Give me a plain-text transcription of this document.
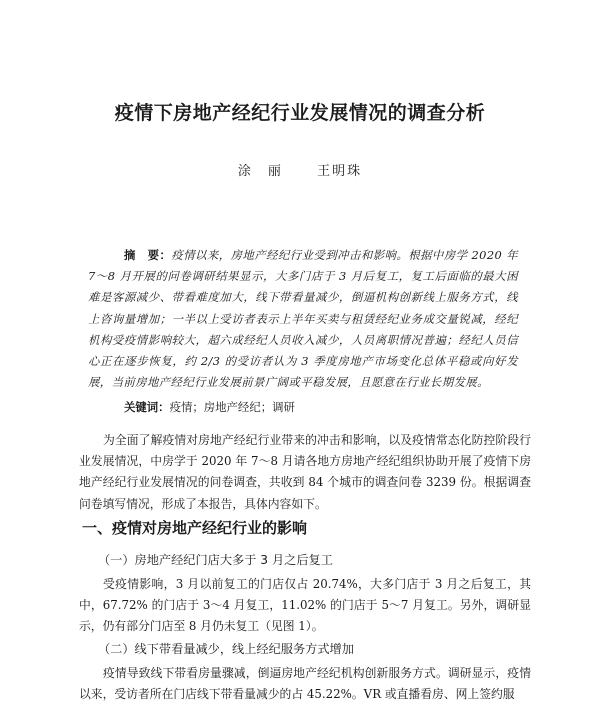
疫情下房地产经纪行业发展情况的调查分析
涂　丽	王明珠
摘　要：疫情以来，房地产经纪行业受到冲击和影响。根据中房学 2020 年 7～8 月开展的问卷调研结果显示，大多门店于 3 月后复工，复工后面临的最大困难是客源减少、带看难度加大，线下带看量减少，倒逼机构创新线上服务方式，线上咨询量增加；一半以上受访者表示上半年买卖与租赁经纪业务成交量锐减，经纪机构受疫情影响较大，超六成经纪人员收入减少，人员离职情况普遍；经纪人员信心正在逐步恢复，约 2/3 的受访者认为 3 季度房地产市场变化总体平稳或向好发展，当前房地产经纪行业发展前景广阔或平稳发展，且愿意在行业长期发展。
关键词：疫情；房地产经纪；调研
为全面了解疫情对房地产经纪行业带来的冲击和影响，以及疫情常态化防控阶段行业发展情况，中房学于 2020 年 7～8 月请各地方房地产经纪组织协助开展了疫情下房地产经纪行业发展情况的问卷调查，共收到 84 个城市的调查问卷 3239 份。根据调查问卷填写情况，形成了本报告，具体内容如下。
一、疫情对房地产经纪行业的影响
（一）房地产经纪门店大多于 3 月之后复工
受疫情影响，3 月以前复工的门店仅占 20.74%，大多门店于 3 月之后复工，其中，67.72% 的门店于 3～4 月复工，11.02% 的门店于 5～7 月复工。另外，调研显示，仍有部分门店至 8 月仍未复工（见图 1）。
（二）线下带看量减少，线上经纪服务方式增加
疫情导致线下带看房量骤减，倒逼房地产经纪机构创新服务方式。调研显示，疫情以来，受访者所在门店线下带看量减少的占 45.22%。VR 或直播看房、网上签约服
